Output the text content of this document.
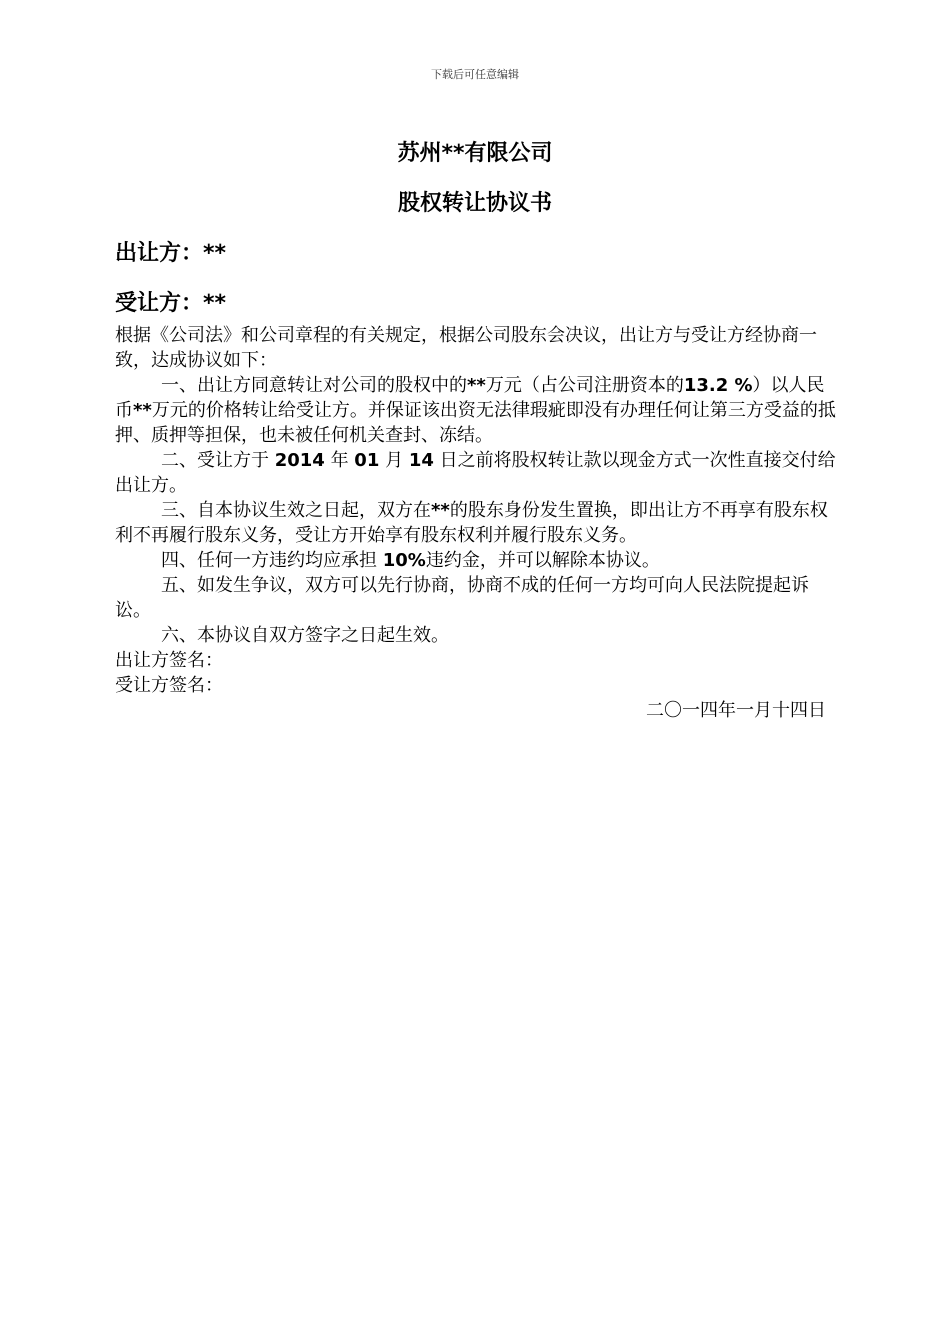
下载后可任意编辑
苏州**有限公司
股权转让协议书
出让方：**
受让方：**

根据《公司法》和公司章程的有关规定，根据公司股东会决议，出让方与受让方经协商一致，达成协议如下：

一、出让方同意转让对公司的股权中的**万元（占公司注册资本的13.2 %）以人民币**万元的价格转让给受让方。并保证该出资无法律瑕疵即没有办理任何让第三方受益的抵押、质押等担保，也未被任何机关查封、冻结。

二、受让方于 2014 年 01 月 14 日之前将股权转让款以现金方式一次性直接交付给出让方。

三、自本协议生效之日起，双方在**的股东身份发生置换，即出让方不再享有股东权利不再履行股东义务，受让方开始享有股东权利并履行股东义务。

四、任何一方违约均应承担 10%违约金，并可以解除本协议。

五、如发生争议，双方可以先行协商，协商不成的任何一方均可向人民法院提起诉讼。

六、本协议自双方签字之日起生效。

出让方签名：

受让方签名：

二〇一四年一月十四日
